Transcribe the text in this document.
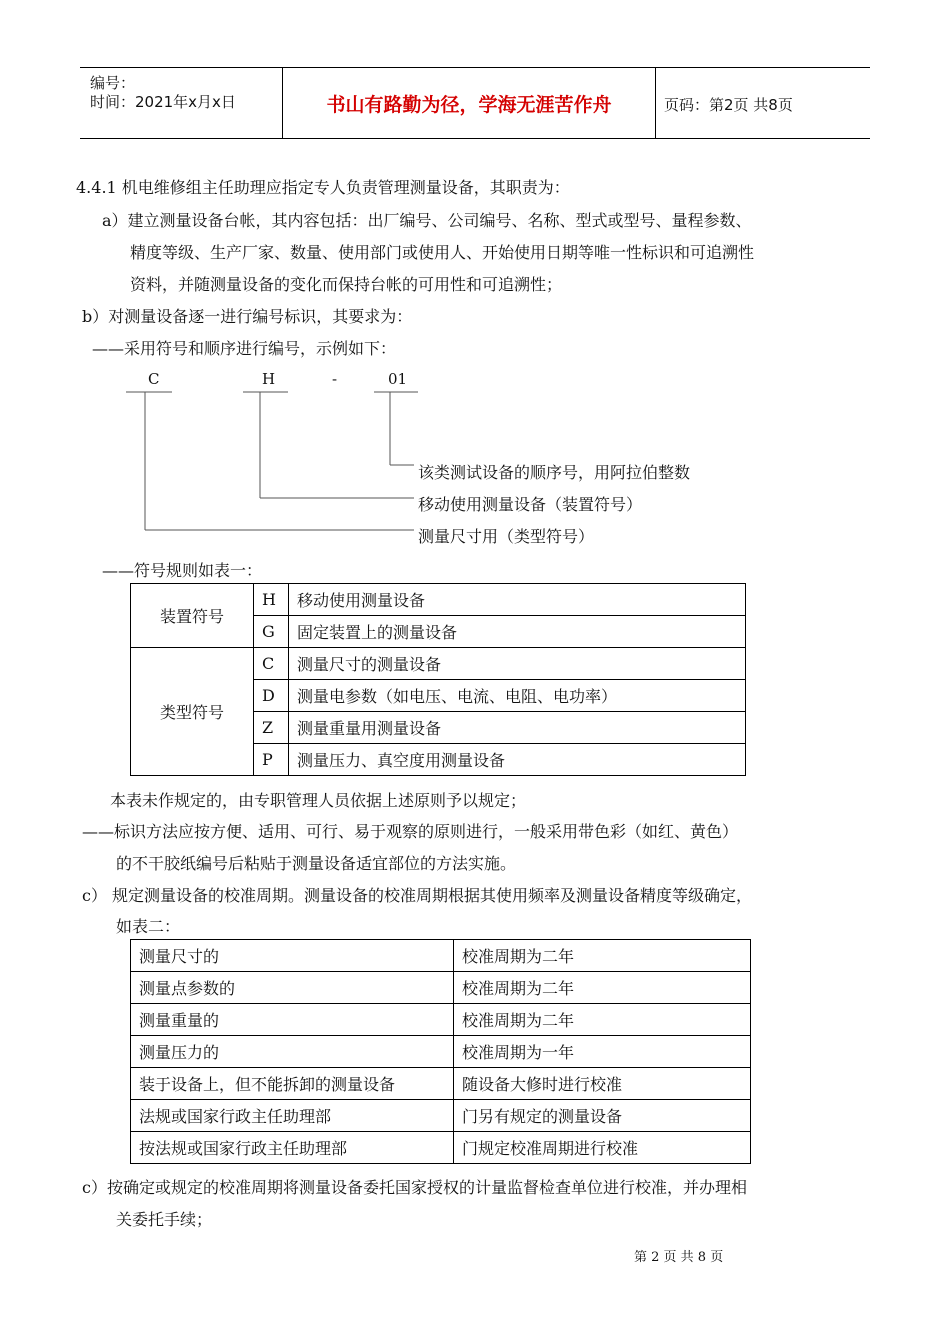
编号：
时间：2021年x月x日	书山有路勤为径，学海无涯苦作舟	页码：第2页 共8页
4.4.1 机电维修组主任助理应指定专人负责管理测量设备，其职责为：
a）建立测量设备台帐，其内容包括：出厂编号、公司编号、名称、型式或型号、量程参数、
精度等级、生产厂家、数量、使用部门或使用人、开始使用日期等唯一性标识和可追溯性
资料，并随测量设备的变化而保持台帐的可用性和可追溯性；
b）对测量设备逐一进行编号标识，其要求为：
——采用符号和顺序进行编号，示例如下：
C	H	-	01
该类测试设备的顺序号，用阿拉伯整数
移动使用测量设备（装置符号）
测量尺寸用（类型符号）
——符号规则如表一：
装置符号	H	移动使用测量设备
	G	固定装置上的测量设备
类型符号	C	测量尺寸的测量设备
	D	测量电参数（如电压、电流、电阻、电功率）
	Z	测量重量用测量设备
	P	测量压力、真空度用测量设备
本表未作规定的，由专职管理人员依据上述原则予以规定；
——标识方法应按方便、适用、可行、易于观察的原则进行，一般采用带色彩（如红、黄色）
的不干胶纸编号后粘贴于测量设备适宜部位的方法实施。
c） 规定测量设备的校准周期。测量设备的校准周期根据其使用频率及测量设备精度等级确定，
如表二：
测量尺寸的	校准周期为二年
测量点参数的	校准周期为二年
测量重量的	校准周期为二年
测量压力的	校准周期为一年
装于设备上，但不能拆卸的测量设备	随设备大修时进行校准
法规或国家行政主任助理部	门另有规定的测量设备
按法规或国家行政主任助理部	门规定校准周期进行校准
c）按确定或规定的校准周期将测量设备委托国家授权的计量监督检查单位进行校准，并办理相
关委托手续；
第 2 页 共 8 页
